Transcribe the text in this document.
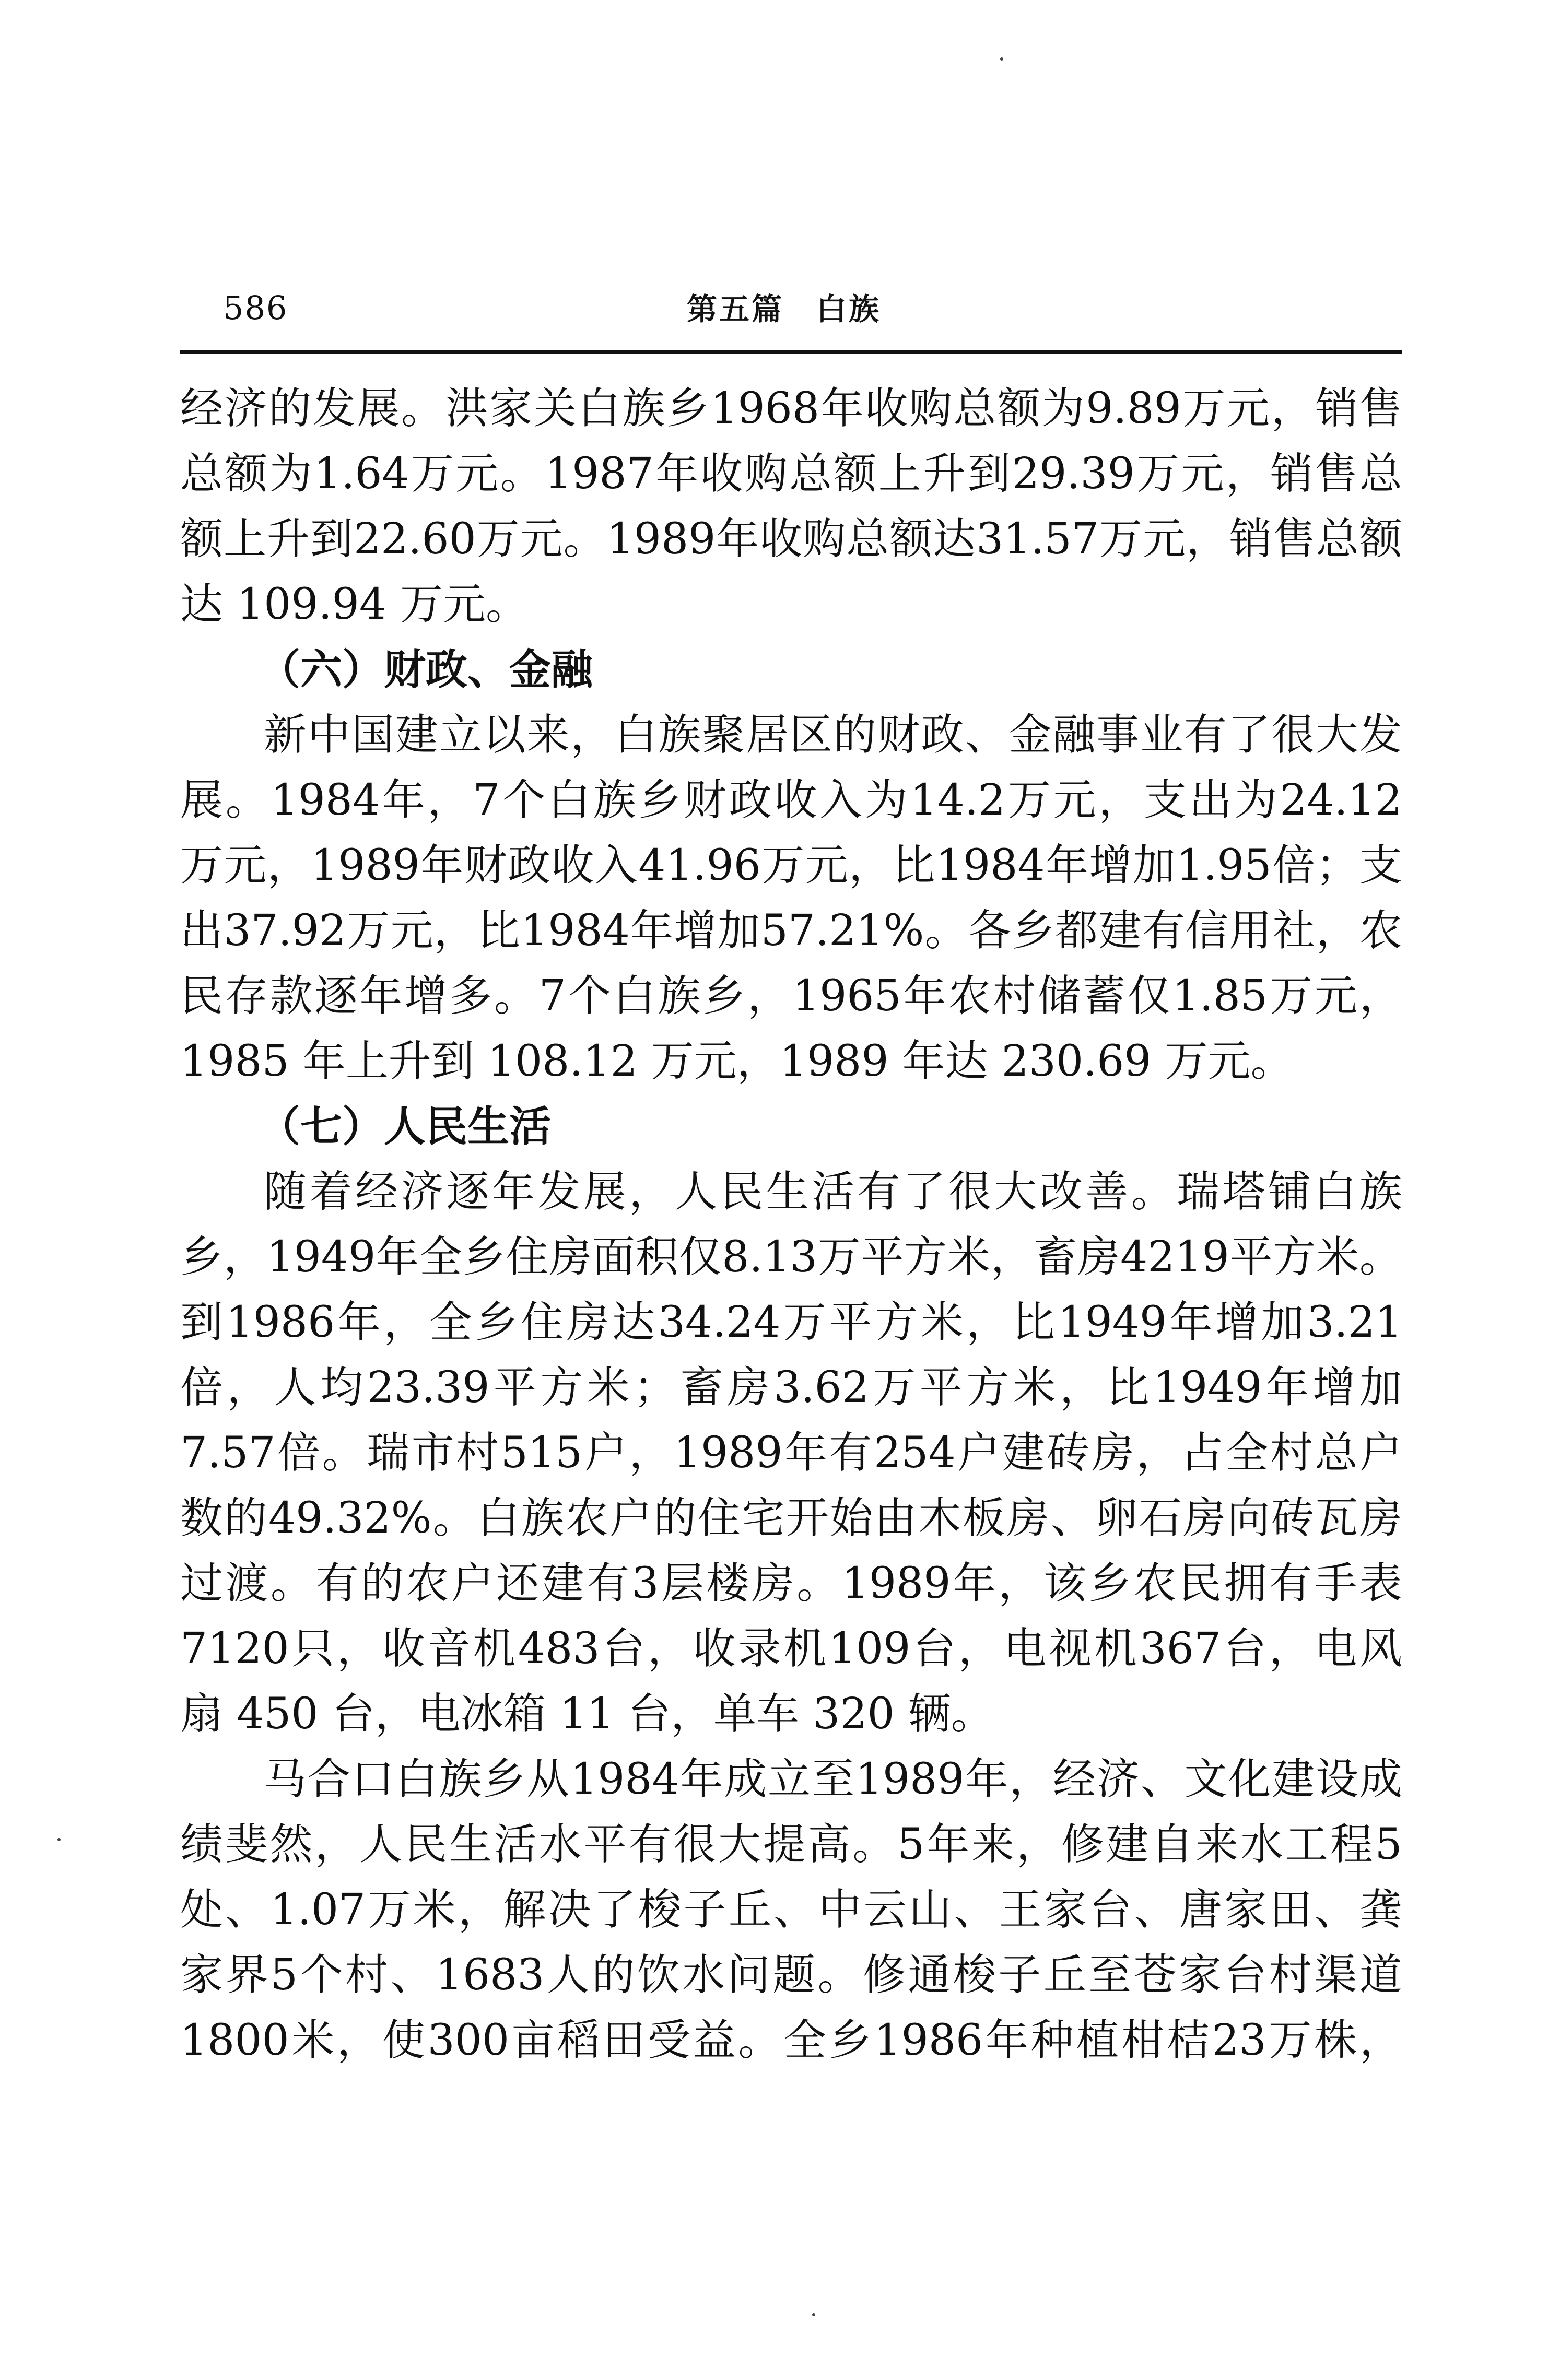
586	第五篇　白族
经 济 的 发 展 。 洪 家 关 白 族 乡 1968 年 收 购 总 额 为 9.89 万 元 ， 销 售
总 额 为 1.64 万 元 。 1987 年 收 购 总 额 上 升 到 29.39 万 元 ， 销 售 总
额 上 升 到 22.60 万 元 。 1989 年 收 购 总 额 达 31.57 万 元 ， 销 售 总 额
达 109.94 万元。
（六）财政、金融
新 中 国 建 立 以 来 ， 白 族 聚 居 区 的 财 政 、 金 融 事 业 有 了 很 大 发
展 。 1984 年 ， 7 个 白 族 乡 财 政 收 入 为 14.2 万 元 ， 支 出 为 24.12
万 元 ， 1989 年 财 政 收 入 41.96 万 元 ， 比 1984 年 增 加 1.95 倍 ； 支
出 37.92 万 元 ， 比 1984 年 增 加 57.21% 。 各 乡 都 建 有 信 用 社 ， 农
民 存 款 逐 年 增 多 。 7 个 白 族 乡 ， 1965 年 农 村 储 蓄 仅 1.85 万 元 ，
1985 年上升到 108.12 万元，1989 年达 230.69 万元。
（七）人民生活
随 着 经 济 逐 年 发 展 ， 人 民 生 活 有 了 很 大 改 善 。 瑞 塔 铺 白 族
乡 ， 1949 年 全 乡 住 房 面 积 仅 8.13 万 平 方 米 ， 畜 房 4219 平 方 米 。
到 1986 年 ， 全 乡 住 房 达 34.24 万 平 方 米 ， 比 1949 年 增 加 3.21
倍 ， 人 均 23.39 平 方 米 ； 畜 房 3.62 万 平 方 米 ， 比 1949 年 增 加
7.57 倍 。 瑞 市 村 515 户 ， 1989 年 有 254 户 建 砖 房 ， 占 全 村 总 户
数 的 49.32% 。 白 族 农 户 的 住 宅 开 始 由 木 板 房 、 卵 石 房 向 砖 瓦 房
过 渡 。 有 的 农 户 还 建 有 3 层 楼 房 。 1989 年 ， 该 乡 农 民 拥 有 手 表
7120 只 ， 收 音 机 483 台 ， 收 录 机 109 台 ， 电 视 机 367 台 ， 电 风
扇 450 台，电冰箱 11 台，单车 320 辆。
马 合 口 白 族 乡 从 1984 年 成 立 至 1989 年 ， 经 济 、 文 化 建 设 成
绩 斐 然 ， 人 民 生 活 水 平 有 很 大 提 高 。 5 年 来 ， 修 建 自 来 水 工 程 5
处 、 1.07 万 米 ， 解 决 了 梭 子 丘 、 中 云 山 、 王 家 台 、 唐 家 田 、 龚
家 界 5 个 村 、 1683 人 的 饮 水 问 题 。 修 通 梭 子 丘 至 苍 家 台 村 渠 道
1800 米 ， 使 300 亩 稻 田 受 益 。 全 乡 1986 年 种 植 柑 桔 23 万 株 ，
